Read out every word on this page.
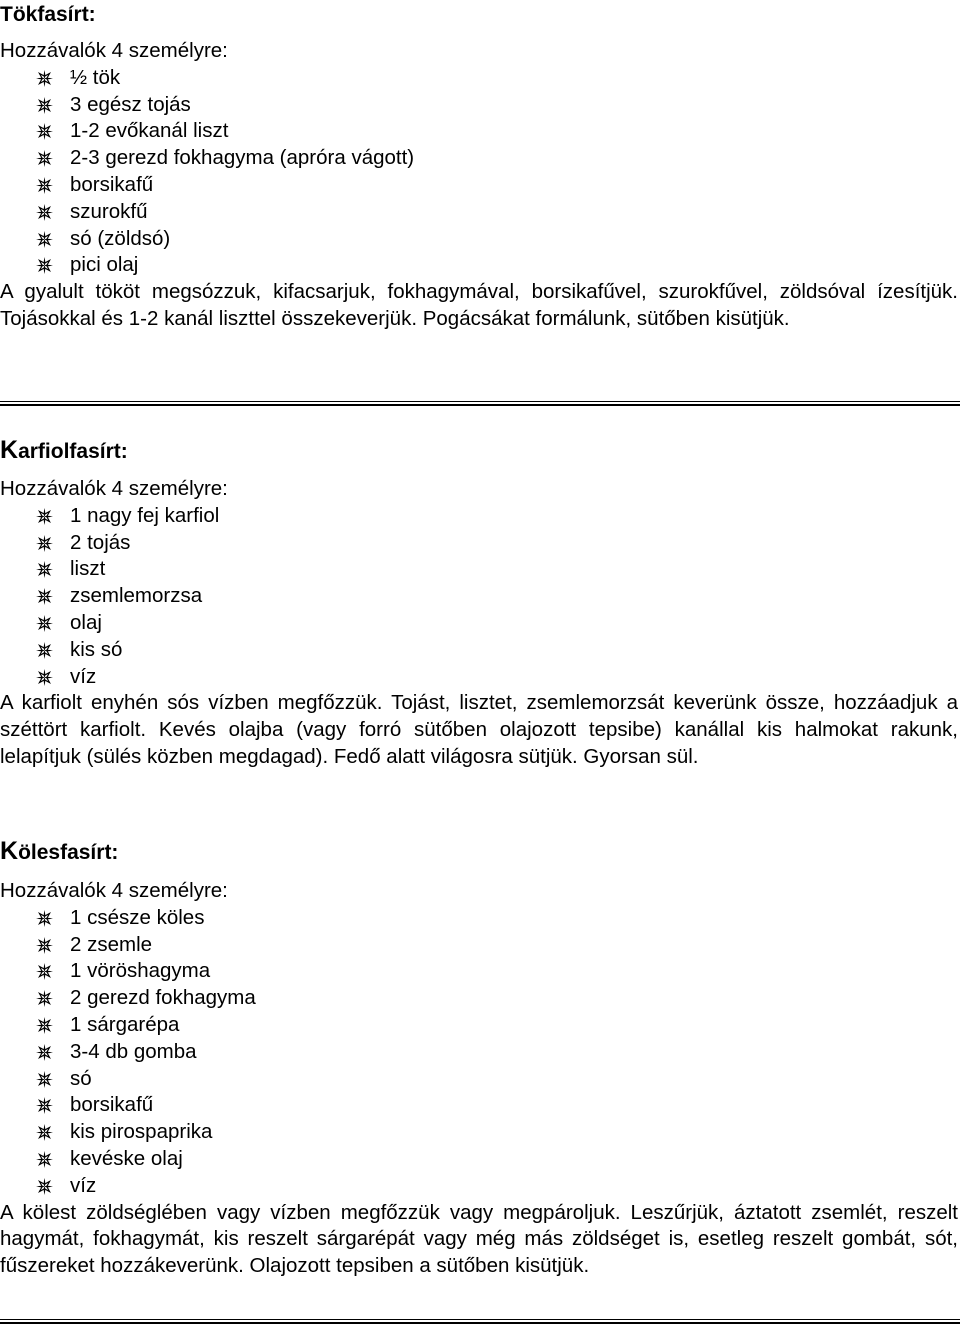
Tökfasírt:

Hozzávalók 4 személyre:

½ tök
3 egész tojás
1-2 evőkanál liszt
2-3 gerezd fokhagyma (apróra vágott)
borsikafű
szurokfű
só (zöldsó)
pici olaj

A gyalult tököt megsózzuk, kifacsarjuk, fokhagymával, borsikafűvel, szurokfűvel, zöldsóval ízesítjük. Tojásokkal és 1-2 kanál liszttel összekeverjük. Pogácsákat formálunk, sütőben kisütjük.

Karfiolfasírt:

Hozzávalók 4 személyre:

1 nagy fej karfiol
2 tojás
liszt
zsemlemorzsa
olaj
kis só
víz

A karfiolt enyhén sós vízben megfőzzük. Tojást, lisztet, zsemlemorzsát keverünk össze, hozzáadjuk a széttört karfiolt. Kevés olajba (vagy forró sütőben olajozott tepsibe) kanállal kis halmokat rakunk, lelapítjuk (sülés közben megdagad). Fedő alatt világosra sütjük. Gyorsan sül.

Kölesfasírt:

Hozzávalók 4 személyre:

1 csésze köles
2 zsemle
1 vöröshagyma
2 gerezd fokhagyma
1 sárgarépa
3-4 db gomba
só
borsikafű
kis pirospaprika
kevéske olaj
víz

A kölest zöldséglében vagy vízben megfőzzük vagy megpároljuk. Leszűrjük, áztatott zsemlét, reszelt hagymát, fokhagymát, kis reszelt sárgarépát vagy még más zöldséget is, esetleg reszelt gombát, sót, fűszereket hozzákeverünk. Olajozott tepsiben a sütőben kisütjük.
